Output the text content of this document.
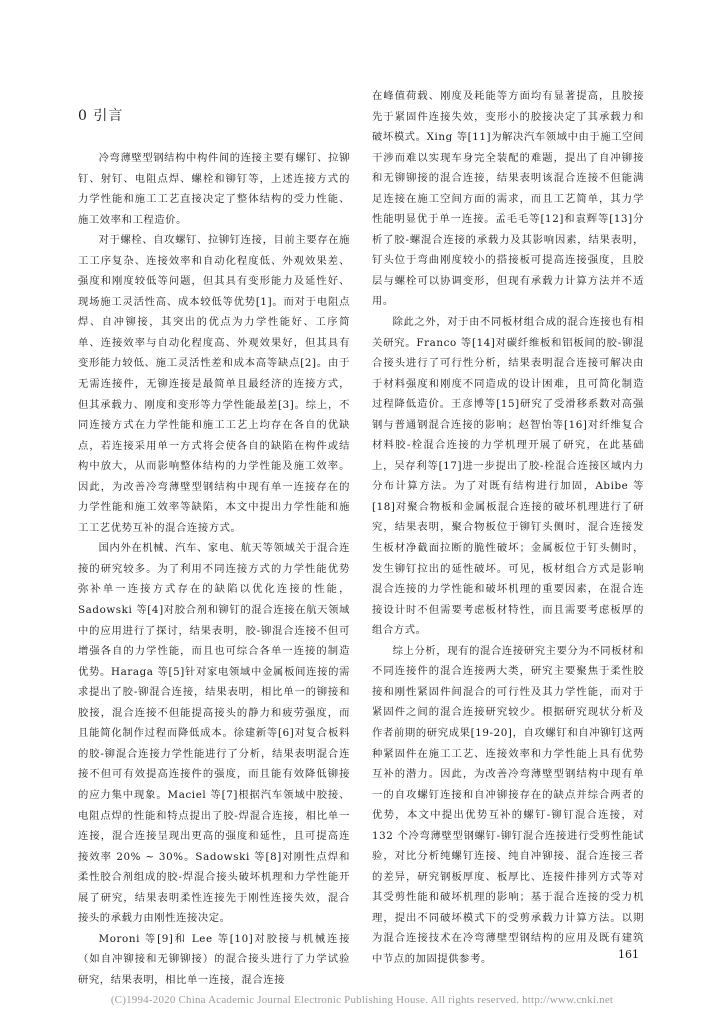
0 引言

冷弯薄壁型钢结构中构件间的连接主要有螺钉、拉铆钉、射钉、电阻点焊、螺栓和铆钉等，上述连接方式的力学性能和施工工艺直接决定了整体结构的受力性能、施工效率和工程造价。

对于螺栓、自攻螺钉、拉铆钉连接，目前主要存在施工工序复杂、连接效率和自动化程度低、外观效果差、强度和刚度较低等问题，但其具有变形能力及延性好、现场施工灵活性高、成本较低等优势[1]。而对于电阻点焊、自冲铆接，其突出的优点为力学性能好、工序简单、连接效率与自动化程度高、外观效果好，但其具有变形能力较低、施工灵活性差和成本高等缺点[2]。由于无需连接件，无铆连接是最简单且最经济的连接方式，但其承载力、刚度和变形等力学性能最差[3]。综上，不同连接方式在力学性能和施工工艺上均存在各自的优缺点，若连接采用单一方式将会使各自的缺陷在构件或结构中放大，从而影响整体结构的力学性能及施工效率。因此，为改善冷弯薄壁型钢结构中现有单一连接存在的力学性能和施工效率等缺陷，本文中提出力学性能和施工工艺优势互补的混合连接方式。

国内外在机械、汽车、家电、航天等领域关于混合连接的研究较多。为了利用不同连接方式的力学性能优势弥补单一连接方式存在的缺陷以优化连接的性能，Sadowski 等[4]对胶合剂和铆钉的混合连接在航天领域中的应用进行了探讨，结果表明，胶-铆混合连接不但可增强各自的力学性能，而且也可综合各单一连接的制造优势。Haraga 等[5]针对家电领域中金属板间连接的需求提出了胶-铆混合连接，结果表明，相比单一的铆接和胶接，混合连接不但能提高接头的静力和疲劳强度，而且能简化制作过程而降低成本。徐建新等[6]对复合板料的胶-铆混合连接力学性能进行了分析，结果表明混合连接不但可有效提高连接件的强度，而且能有效降低铆接的应力集中现象。Maciel 等[7]根据汽车领域中胶接、电阻点焊的性能和特点提出了胶-焊混合连接，相比单一连接，混合连接呈现出更高的强度和延性，且可提高连接效率 20% ~ 30%。Sadowski 等[8]对刚性点焊和柔性胶合剂组成的胶-焊混合接头破坏机理和力学性能开展了研究，结果表明柔性连接先于刚性连接失效，混合接头的承载力由刚性连接决定。

Moroni 等[9]和 Lee 等[10]对胶接与机械连接（如自冲铆接和无铆铆接）的混合接头进行了力学试验研究，结果表明，相比单一连接，混合连接

在峰值荷载、刚度及耗能等方面均有显著提高，且胶接先于紧固件连接失效，变形小的胶接决定了其承载力和破坏模式。Xing 等[11]为解决汽车领域中由于施工空间干涉而难以实现车身完全装配的难题，提出了自冲铆接和无铆铆接的混合连接，结果表明该混合连接不但能满足连接在施工空间方面的需求，而且工艺简单，其力学性能明显优于单一连接。孟毛毛等[12]和袁辉等[13]分析了胶-螺混合连接的承载力及其影响因素，结果表明，钉头位于弯曲刚度较小的搭接板可提高连接强度，且胶层与螺栓可以协调变形，但现有承载力计算方法并不适用。

除此之外，对于由不同板材组合成的混合连接也有相关研究。Franco 等[14]对碳纤维板和铝板间的胶-铆混合接头进行了可行性分析，结果表明混合连接可解决由于材料强度和刚度不同造成的设计困难，且可简化制造过程降低造价。王彦博等[15]研究了受滑移系数对高强钢与普通钢混合连接的影响；赵智怡等[16]对纤维复合材料胶-栓混合连接的力学机理开展了研究，在此基础上，吴存利等[17]进一步提出了胶-栓混合连接区域内力分布计算方法。为了对既有结构进行加固，Abibe 等[18]对聚合物板和金属板混合连接的破坏机理进行了研究，结果表明，聚合物板位于铆钉头侧时，混合连接发生板材净截面拉断的脆性破坏；金属板位于钉头侧时，发生铆钉拉出的延性破坏。可见，板材组合方式是影响混合连接的力学性能和破坏机理的重要因素，在混合连接设计时不但需要考虑板材特性，而且需要考虑板厚的组合方式。

综上分析，现有的混合连接研究主要分为不同板材和不同连接件的混合连接两大类，研究主要聚焦于柔性胶接和刚性紧固件间混合的可行性及其力学性能，而对于紧固件之间的混合连接研究较少。根据研究现状分析及作者前期的研究成果[19-20]，自攻螺钉和自冲铆钉这两种紧固件在施工工艺、连接效率和力学性能上具有优势互补的潜力。因此，为改善冷弯薄壁型钢结构中现有单一的自攻螺钉连接和自冲铆接存在的缺点并综合两者的优势，本文中提出优势互补的螺钉-铆钉混合连接，对 132 个冷弯薄壁型钢螺钉-铆钉混合连接进行受剪性能试验，对比分析纯螺钉连接、纯自冲铆接、混合连接三者的差异，研究钢板厚度、板厚比、连接件排列方式等对其受剪性能和破坏机理的影响；基于混合连接的受力机理，提出不同破坏模式下的受剪承载力计算方法。以期为混合连接技术在冷弯薄壁型钢结构的应用及既有建筑中节点的加固提供参考。	161
(C)1994-2020 China Academic Journal Electronic Publishing House. All rights reserved. http://www.cnki.net
